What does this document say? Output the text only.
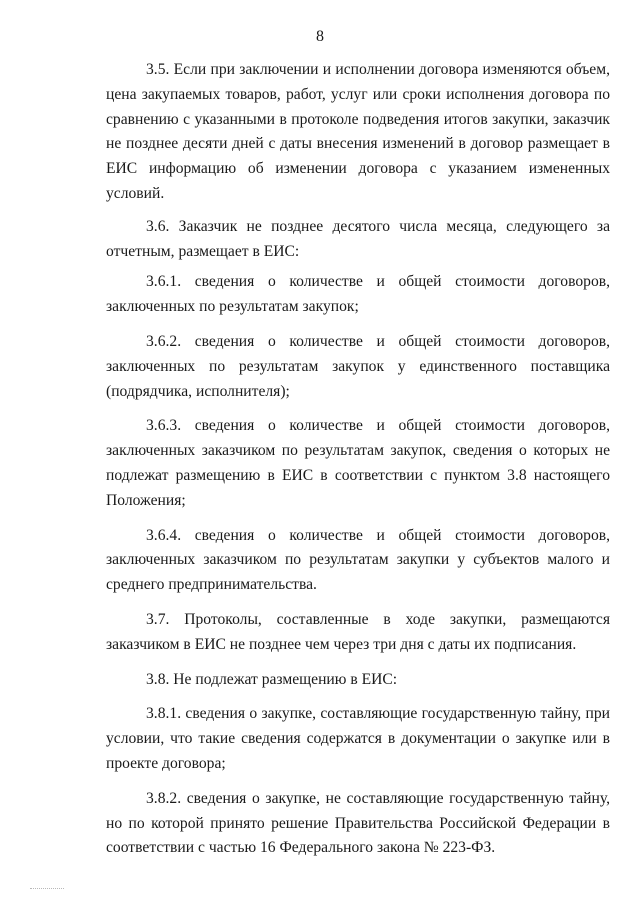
8

3.5. Если при заключении и исполнении договора изменяются объем, цена закупаемых товаров, работ, услуг или сроки исполнения договора по сравнению с указанными в протоколе подведения итогов закупки, заказчик не позднее десяти дней с даты внесения изменений в договор размещает в ЕИС информацию об изменении договора с указанием измененных условий.

3.6. Заказчик не позднее десятого числа месяца, следующего за отчетным, размещает в ЕИС:

3.6.1. сведения о количестве и общей стоимости договоров, заключенных по результатам закупок;

3.6.2. сведения о количестве и общей стоимости договоров, заключенных по результатам закупок у единственного поставщика (подрядчика, исполнителя);

3.6.3. сведения о количестве и общей стоимости договоров, заключенных заказчиком по результатам закупок, сведения о которых не подлежат размещению в ЕИС в соответствии с пунктом 3.8 настоящего Положения;

3.6.4. сведения о количестве и общей стоимости договоров, заключенных заказчиком по результатам закупки у субъектов малого и среднего предпринимательства.

3.7. Протоколы, составленные в ходе закупки, размещаются заказчиком в ЕИС не позднее чем через три дня с даты их подписания.

3.8. Не подлежат размещению в ЕИС:

3.8.1. сведения о закупке, составляющие государственную тайну, при условии, что такие сведения содержатся в документации о закупке или в проекте договора;

3.8.2. сведения о закупке, не составляющие государственную тайну, но по которой принято решение Правительства Российской Федерации в соответствии с частью 16 Федерального закона № 223-ФЗ.
